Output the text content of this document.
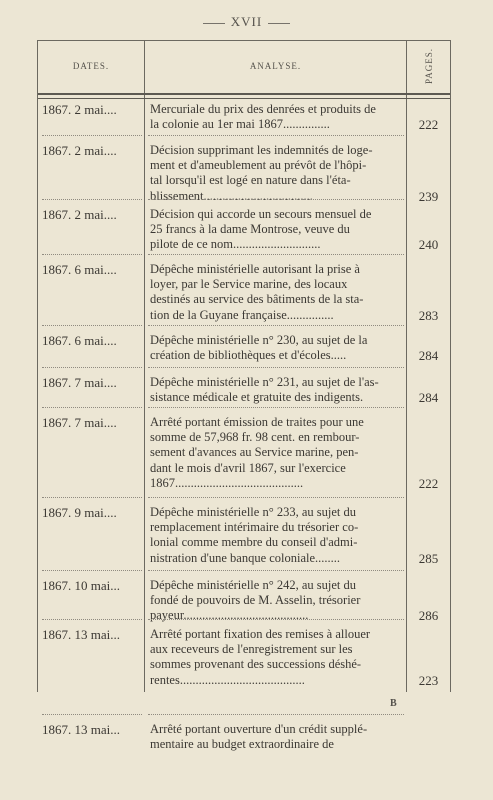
XVII
DATES.	ANALYSE.	PAGES.
1867. 2 mai....	Mercuriale du prix des denrées et produits de
la colonie au 1er mai 1867...............	222
1867. 2 mai....	Décision supprimant les indemnités de loge-
ment et d'ameublement au prévôt de l'hôpi-
tal lorsqu'il est logé en nature dans l'éta-
blissement...................................	239
1867. 2 mai....	Décision qui accorde un secours mensuel de
25 francs à la dame Montrose, veuve du
pilote de ce nom............................	240
1867. 6 mai....	Dépêche ministérielle autorisant la prise à
loyer, par le Service marine, des locaux
destinés au service des bâtiments de la sta-
tion de la Guyane française...............	283
1867. 6 mai....	Dépêche ministérielle n° 230, au sujet de la
création de bibliothèques et d'écoles.....	284
1867. 7 mai....	Dépêche ministérielle n° 231, au sujet de l'as-
sistance médicale et gratuite des indigents.	284
1867. 7 mai....	Arrêté portant émission de traites pour une
somme de 57,968 fr. 98 cent. en rembour-
sement d'avances au Service marine, pen-
dant le mois d'avril 1867, sur l'exercice
1867.........................................	222
1867. 9 mai....	Dépêche ministérielle n° 233, au sujet du
remplacement intérimaire du trésorier co-
lonial comme membre du conseil d'admi-
nistration d'une banque coloniale........	285
1867. 10 mai...	Dépêche ministérielle n° 242, au sujet du
fondé de pouvoirs de M. Asselin, trésorier
payeur........................................	286
1867. 13 mai...	Arrêté portant fixation des remises à allouer
aux receveurs de l'enregistrement sur les
sommes provenant des successions déshé-
rentes........................................	223
1867. 13 mai...	Arrêté portant ouverture d'un crédit supplé-
mentaire au budget extraordinaire de
B
